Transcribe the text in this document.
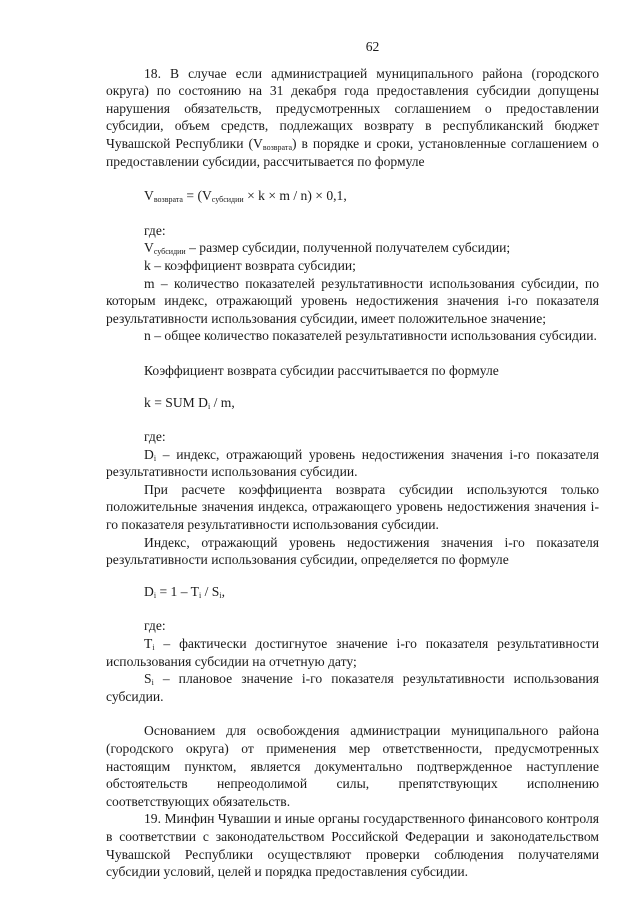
62

18. В случае если администрацией муниципального района (городского округа) по состоянию на 31 декабря года предоставления субсидии допущены нарушения обязательств, предусмотренных соглашением о предоставлении субсидии, объем средств, подлежащих возврату в республиканский бюджет Чувашской Республики $(V_{возврата})$ в порядке и сроки, установленные соглашением о предоставлении субсидии, рассчитывается по формуле

$V_{возврата} = (V_{субсидии} \times k \times m / n) \times 0,1$,

где:

$V_{субсидии}$ – размер субсидии, полученной получателем субсидии;

k – коэффициент возврата субсидии;

m – количество показателей результативности использования субсидии, по которым индекс, отражающий уровень недостижения значения i-го показателя результативности использования субсидии, имеет положительное значение;

n – общее количество показателей результативности использования субсидии.

Коэффициент возврата субсидии рассчитывается по формуле

k = SUM $D_i$ / m,

где:

$D_i$ – индекс, отражающий уровень недостижения значения i-го показателя результативности использования субсидии.

При расчете коэффициента возврата субсидии используются только положительные значения индекса, отражающего уровень недостижения значения i-го показателя результативности использования субсидии.

Индекс, отражающий уровень недостижения значения i-го показателя результативности использования субсидии, определяется по формуле

$D_i = 1 - T_i / S_i$,

где:

$T_i$ – фактически достигнутое значение i-го показателя результативности использования субсидии на отчетную дату;

$S_i$ – плановое значение i-го показателя результативности использования субсидии.

Основанием для освобождения администрации муниципального района (городского округа) от применения мер ответственности, предусмотренных настоящим пунктом, является документально подтвержденное наступление обстоятельств непреодолимой силы, препятствующих исполнению соответствующих обязательств.

19. Минфин Чувашии и иные органы государственного финансового контроля в соответствии с законодательством Российской Федерации и законодательством Чувашской Республики осуществляют проверки соблюдения получателями субсидии условий, целей и порядка предоставления субсидии.
